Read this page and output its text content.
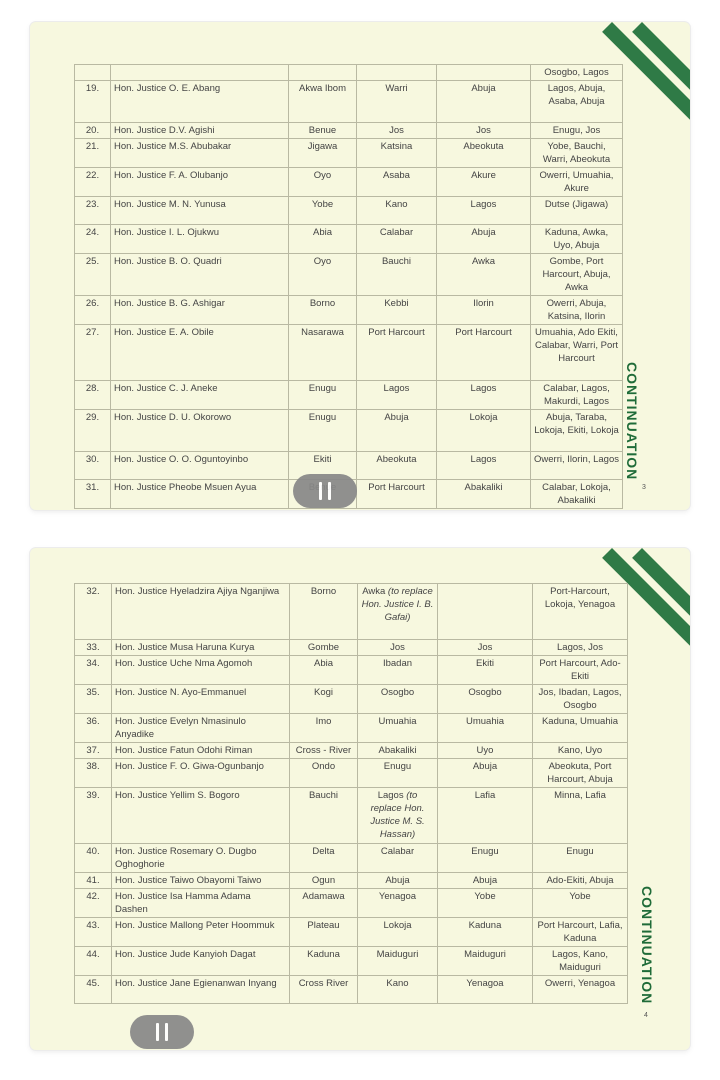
					Osogbo, Lagos
19.	Hon. Justice O. E. Abang	Akwa Ibom	Warri	Abuja	Lagos, Abuja, Asaba, Abuja
20.	Hon. Justice D.V. Agishi	Benue	Jos	Jos	Enugu, Jos
21.	Hon. Justice M.S. Abubakar	Jigawa	Katsina	Abeokuta	Yobe, Bauchi, Warri, Abeokuta
22.	Hon. Justice F. A. Olubanjo	Oyo	Asaba	Akure	Owerri, Umuahia, Akure
23.	Hon. Justice M. N. Yunusa	Yobe	Kano	Lagos	Dutse (Jigawa)
24.	Hon. Justice I. L. Ojukwu	Abia	Calabar	Abuja	Kaduna, Awka, Uyo, Abuja
25.	Hon. Justice B. O. Quadri	Oyo	Bauchi	Awka	Gombe, Port Harcourt, Abuja, Awka
26.	Hon. Justice B. G. Ashigar	Borno	Kebbi	Ilorin	Owerri, Abuja, Katsina, Ilorin
27.	Hon. Justice E. A. Obile	Nasarawa	Port Harcourt	Port Harcourt	Umuahia, Ado Ekiti, Calabar, Warri, Port Harcourt
28.	Hon. Justice C. J. Aneke	Enugu	Lagos	Lagos	Calabar, Lagos, Makurdi, Lagos
29.	Hon. Justice D. U. Okorowo	Enugu	Abuja	Lokoja	Abuja, Taraba, Lokoja, Ekiti, Lokoja
30.	Hon. Justice O. O. Oguntoyinbo	Ekiti	Abeokuta	Lagos	Owerri, Ilorin, Lagos
31.	Hon. Justice Pheobe Msuen Ayua		Port Harcourt	Abakaliki	Calabar, Lokoja, Abakaliki
CONTINUATION
3
32.	Hon. Justice Hyeladzira Ajiya Nganjiwa	Borno	Awka (to replace Hon. Justice I. B. Gafai)		Port-Harcourt, Lokoja, Yenagoa
33.	Hon. Justice Musa Haruna Kurya	Gombe	Jos	Jos	Lagos, Jos
34.	Hon. Justice Uche Nma Agomoh	Abia	Ibadan	Ekiti	Port Harcourt, Ado-Ekiti
35.	Hon. Justice N. Ayo-Emmanuel	Kogi	Osogbo	Osogbo	Jos, Ibadan, Lagos, Osogbo
36.	Hon. Justice Evelyn Nmasinulo Anyadike	Imo	Umuahia	Umuahia	Kaduna, Umuahia
37.	Hon. Justice Fatun Odohi Riman	Cross - River	Abakaliki	Uyo	Kano, Uyo
38.	Hon. Justice F. O. Giwa-Ogunbanjo	Ondo	Enugu	Abuja	Abeokuta, Port Harcourt, Abuja
39.	Hon. Justice Yellim S. Bogoro	Bauchi	Lagos (to replace Hon. Justice M. S. Hassan)	Lafia	Minna, Lafia
40.	Hon. Justice Rosemary O. Dugbo Oghoghorie	Delta	Calabar	Enugu	Enugu
41.	Hon. Justice Taiwo Obayomi Taiwo	Ogun	Abuja	Abuja	Ado-Ekiti, Abuja
42.	Hon. Justice Isa Hamma Adama Dashen	Adamawa	Yenagoa	Yobe	Yobe
43.	Hon. Justice Mallong Peter Hoommuk	Plateau	Lokoja	Kaduna	Port Harcourt, Lafia, Kaduna
44.	Hon. Justice Jude Kanyioh Dagat	Kaduna	Maiduguri	Maiduguri	Lagos, Kano, Maiduguri
45.	Hon. Justice Jane Egienanwan Inyang	Cross River	Kano	Yenagoa	Owerri, Yenagoa CONTINUATION
4
